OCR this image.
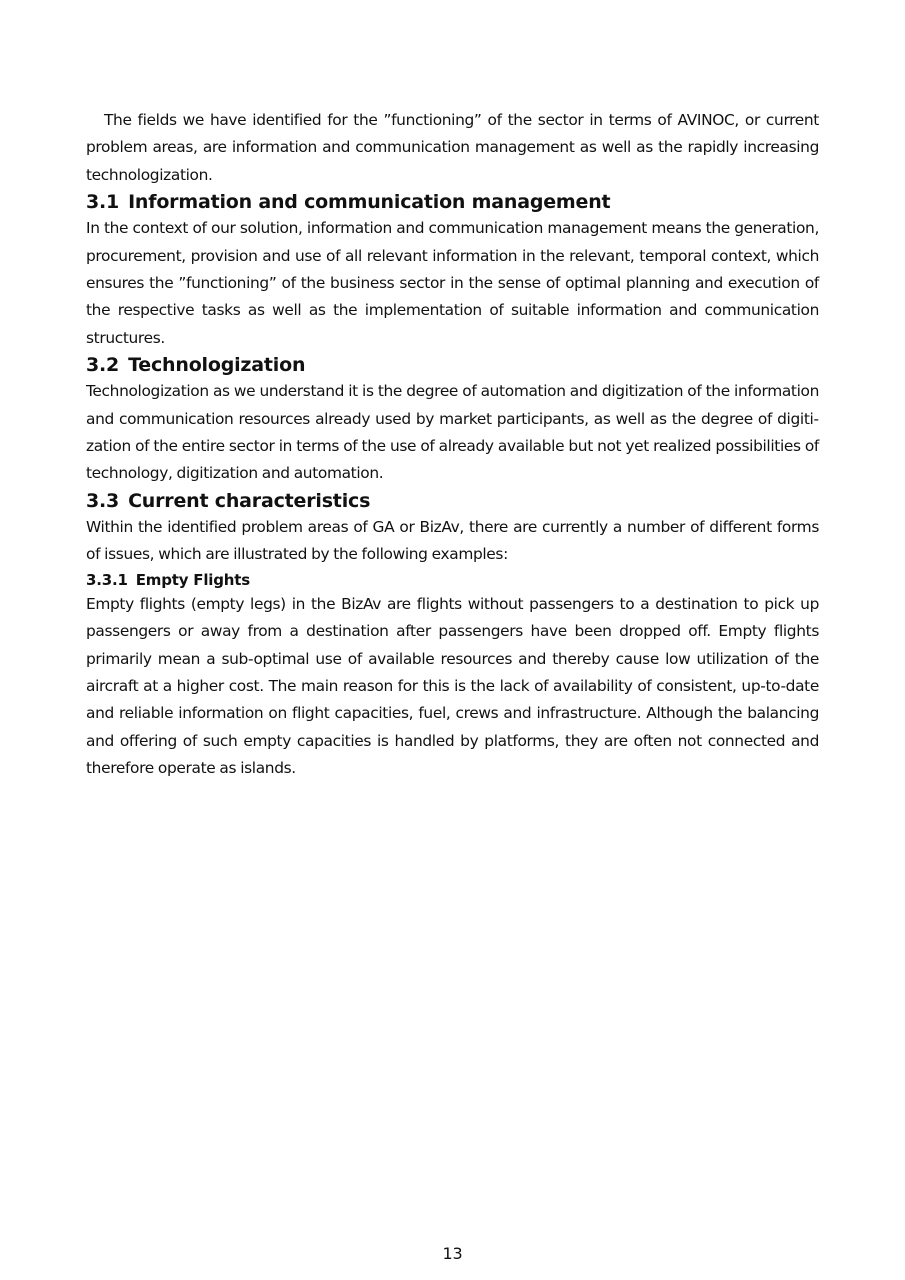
The fields we have identified for the ”functioning” of the sector in terms of AVINOC, or current problem areas, are information and communication management as well as the rapidly increasing technologization.

3.1 Information and communication management

In the context of our solution, information and communication management means the generation, procurement, provision and use of all relevant information in the relevant, temporal context, which ensures the ”functioning” of the business sector in the sense of optimal planning and execution of the respective tasks as well as the implementation of suitable information and communication structures.

3.2 Technologization

Technologization as we understand it is the degree of automation and digitization of the information and communication resources already used by market participants, as well as the degree of digitization of the entire sector in terms of the use of already available but not yet realized possibilities of technology, digitization and automation.

3.3 Current characteristics

Within the identified problem areas of GA or BizAv, there are currently a number of different forms of issues, which are illustrated by the following examples:

3.3.1 Empty Flights

Empty flights (empty legs) in the BizAv are flights without passengers to a destination to pick up passengers or away from a destination after passengers have been dropped off. Empty flights primarily mean a sub-optimal use of available resources and thereby cause low utilization of the aircraft at a higher cost. The main reason for this is the lack of availability of consistent, up-to-date and reliable information on flight capacities, fuel, crews and infrastructure. Although the balancing and offering of such empty capacities is handled by platforms, they are often not connected and therefore operate as islands.

13
